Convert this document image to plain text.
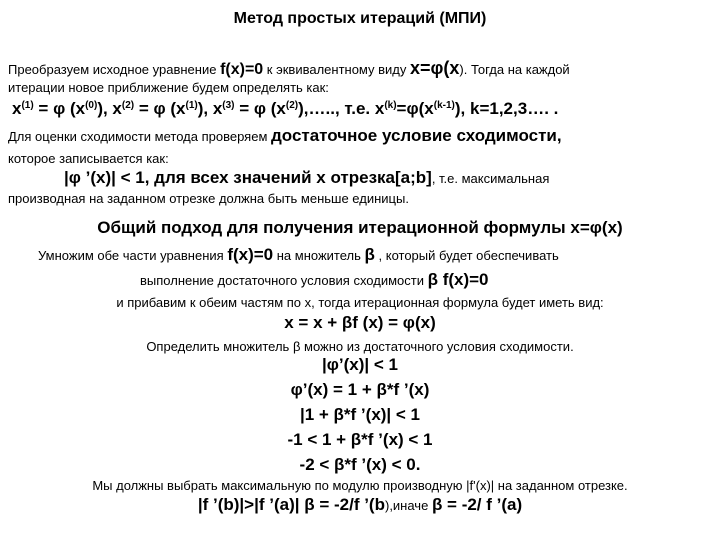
Метод простых итераций (МПИ)
Преобразуем исходное уравнение f(x)=0 к эквивалентному виду x=φ(x). Тогда на каждой
итерации новое приближение будем определять как:
$x^{(1)} = \varphi$ $(x^{(0)})$, $x^{(2)} = \varphi$ $(x^{(1)})$, $x^{(3)} = \varphi$ $(x^{(2)}),\dots$.., т.е. $x^{(k)}=\varphi(x^{(k-1)})$, k=1,2,3…. .
Для оценки сходимости метода проверяем достаточное условие сходимости,
которое записывается как:
|φ ’(x)| < 1, для всех значений x отрезка[a;b], т.е. максимальная
производная на заданном отрезке должна быть меньше единицы.
Общий подход для получения итерационной формулы x=φ(x)
Умножим обе части уравнения f(x)=0 на множитель β , который будет обеспечивать
выполнение достаточного условия сходимости β f(x)=0
и прибавим к обеим частям по x, тогда итерационная формула будет иметь вид:
x = x + βf (x) = φ(x)
Определить множитель β можно из достаточного условия сходимости.
|φ’(x)| < 1
φ’(x) = 1 + β*f ’(x)
|1 + β*f ’(x)| < 1
-1 < 1 + β*f ’(x) < 1
-2 < β*f ’(x) < 0.
Мы должны выбрать максимальную по модулю производную |f'(x)| на заданном отрезке.
|f ’(b)|>|f ’(a)| β = -2/f ’(b),иначе β = -2/ f ’(a)
